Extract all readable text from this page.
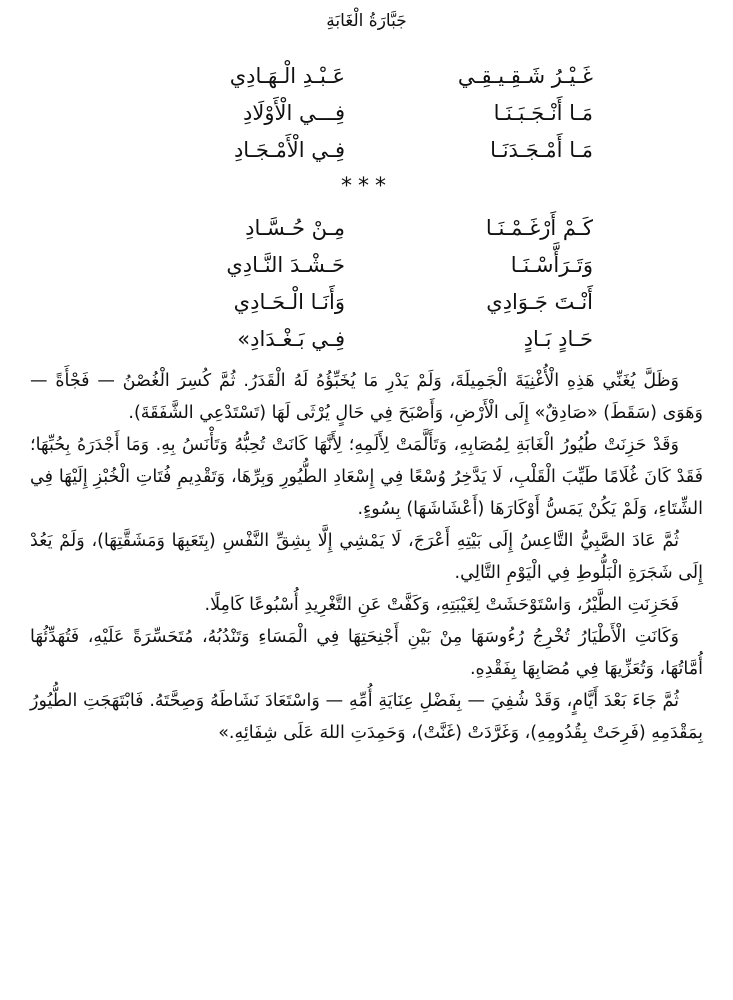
جَبَّارَةُ الْغَابَةِ
غَـيْـرُ شَـقِـيـقِـي
عَـبْـدِ الْـهَـادِي
مَـا أَنْـجَـبَـنَـا
فِـــي الْأَوْلَادِ
مَـا أَمْـجَـدَنَـا
فِـي الْأَمْـجَـادِ
***
كَـمْ أَرْغَـمْـنَـا
مِـنْ حُـسَّـادِ
وَتَـرَأَّسْـنَـا
حَـشْـدَ النَّـادِي
أَنْـتَ جَـوَادِي
وَأَنَـا الْـحَـادِي
حَـادٍ بَـادٍ
فِـي بَـغْـدَادِ»

وَظَلَّ يُغَنِّي هَذِهِ الْأُغْنِيَةَ الْجَمِيلَةَ، وَلَمْ يَدْرِ مَا يُخَبِّؤُهُ لَهُ الْقَدَرُ. ثُمَّ كُسِرَ الْغُصْنُ — فَجْأَةً — وَهَوَى (سَقَطَ) «صَادِقٌ» إِلَى الْأَرْضِ، وَأَصْبَحَ فِي حَالٍ يُرْثَى لَهَا (تَسْتَدْعِي الشَّفَقَةَ).

وَقَدْ حَزِنَتْ طُيُورُ الْغَابَةِ لِمُصَابِهِ، وَتَأَلَّمَتْ لِأَلَمِهِ؛ لِأَنَّهَا كَانَتْ تُحِبُّهُ وَتَأْنَسُ بِهِ. وَمَا أَجْدَرَهُ بِحُبِّهَا؛ فَقَدْ كَانَ غُلَامًا طَيِّبَ الْقَلْبِ، لَا يَدَّخِرُ وُسْعًا فِي إِسْعَادِ الطُّيُورِ وَبِرِّهَا، وَتَقْدِيمِ فُتَاتِ الْخُبْزِ إِلَيْهَا فِي الشِّتَاءِ، وَلَمْ يَكُنْ يَمَسُّ أَوْكَارَهَا (أَعْشَاشَهَا) بِسُوءٍ.

ثُمَّ عَادَ الصَّبِيُّ التَّاعِسُ إِلَى بَيْتِهِ أَعْرَجَ، لَا يَمْشِي إِلَّا بِشِقِّ النَّفْسِ (بِتَعَبِهَا وَمَشَقَّتِهَا)، وَلَمْ يَعُدْ إِلَى شَجَرَةِ الْبَلُّوطِ فِي الْيَوْمِ التَّالِي.

فَحَزِنَتِ الطَّيْرُ، وَاسْتَوْحَشَتْ لِغَيْبَتِهِ، وَكَفَّتْ عَنِ التَّغْرِيدِ أُسْبُوعًا كَامِلًا.

وَكَانَتِ الْأَطْيَارُ تُخْرِجُ رُءُوسَهَا مِنْ بَيْنِ أَجْنِحَتِهَا فِي الْمَسَاءِ وَتَنْدُبُهُ، مُتَحَسِّرَةً عَلَيْهِ، فَتُهَدِّئُهَا أُمَّاتُهَا، وَتُعَزِّيهَا فِي مُصَابِهَا بِفَقْدِهِ.

ثُمَّ جَاءَ بَعْدَ أَيَّامٍ، وَقَدْ شُفِيَ — بِفَضْلِ عِنَايَةِ أُمِّهِ — وَاسْتَعَادَ نَشَاطَهُ وَصِحَّتَهُ. فَابْتَهَجَتِ الطُّيُورُ بِمَقْدَمِهِ (فَرِحَتْ بِقُدُومِهِ)، وَغَرَّدَتْ (غَنَّتْ)، وَحَمِدَتِ اللهَ عَلَى شِفَائِهِ.»
